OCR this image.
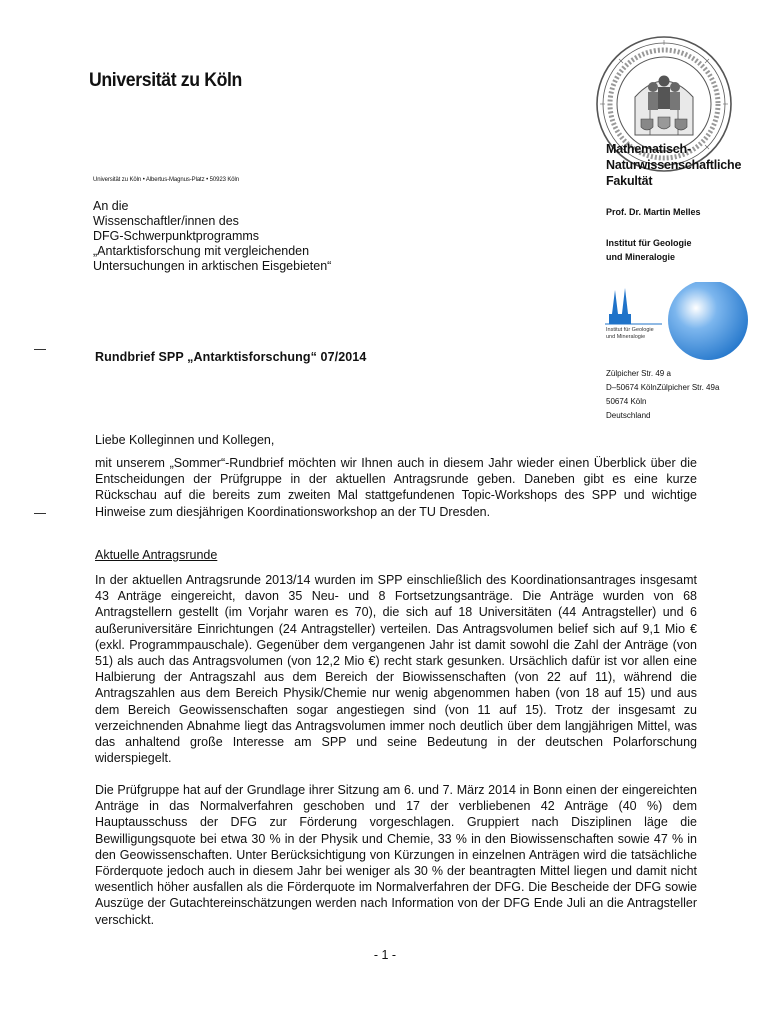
Universität zu Köln
Mathematisch-
Naturwissenschaftliche
Fakultät
Prof. Dr. Martin Melles
Institut für Geologie
und Mineralogie
Institut für Geologie
und Mineralogie
Zülpicher Str. 49 a
D–50674 KölnZülpicher Str. 49a
50674 Köln
Deutschland
Universität zu Köln • Albertus-Magnus-Platz • 50923 Köln
An die
Wissenschaftler/innen des
DFG-Schwerpunktprogramms
„Antarktisforschung mit vergleichenden
Untersuchungen in arktischen Eisgebieten“
Rundbrief SPP „Antarktisforschung“ 07/2014
Liebe Kolleginnen und Kollegen,
mit unserem „Sommer“-Rundbrief möchten wir Ihnen auch in diesem Jahr wieder einen Überblick über die Entscheidungen der Prüfgruppe in der aktuellen Antragsrunde geben. Daneben gibt es eine kurze Rückschau auf die bereits zum zweiten Mal stattgefundenen Topic-Workshops des SPP und wichtige Hinweise zum diesjährigen Koordinationsworkshop an der TU Dresden.
Aktuelle Antragsrunde
In der aktuellen Antragsrunde 2013/14 wurden im SPP einschließlich des Koordinationsantrages insgesamt 43 Anträge eingereicht, davon 35 Neu- und 8 Fortsetzungsanträge. Die Anträge wurden von 68 Antragstellern gestellt (im Vorjahr waren es 70), die sich auf 18 Universitäten (44 Antragsteller) und 6 außeruniversitäre Einrichtungen (24 Antragsteller) verteilen. Das Antragsvolumen belief sich auf 9,1 Mio € (exkl. Programmpauschale). Gegenüber dem vergangenen Jahr ist damit sowohl die Zahl der Anträge (von 51) als auch das Antragsvolumen (von 12,2 Mio €) recht stark gesunken. Ursächlich dafür ist vor allen eine Halbierung der Antragszahl aus dem Bereich der Biowissenschaften (von 22 auf 11), während die Antragszahlen aus dem Bereich Physik/Chemie nur wenig abgenommen haben (von 18 auf 15) und aus dem Bereich Geowissenschaften sogar angestiegen sind (von 11 auf 15). Trotz der insgesamt zu verzeichnenden Abnahme liegt das Antragsvolumen immer noch deutlich über dem langjährigen Mittel, was das anhaltend große Interesse am SPP und seine Bedeutung in der deutschen Polarforschung widerspiegelt.
Die Prüfgruppe hat auf der Grundlage ihrer Sitzung am 6. und 7. März 2014 in Bonn einen der eingereichten Anträge in das Normalverfahren geschoben und 17 der verbliebenen 42 Anträge (40 %) dem Hauptausschuss der DFG zur Förderung vorgeschlagen. Gruppiert nach Disziplinen läge die Bewilligungsquote bei etwa 30 % in der Physik und Chemie, 33 % in den Biowissenschaften sowie 47 % in den Geowissenschaften. Unter Berücksichtigung von Kürzungen in einzelnen Anträgen wird die tatsächliche Förderquote jedoch auch in diesem Jahr bei weniger als 30 % der beantragten Mittel liegen und damit nicht wesentlich höher ausfallen als die Förderquote im Normalverfahren der DFG. Die Bescheide der DFG sowie Auszüge der Gutachtereinschätzungen werden nach Information von der DFG Ende Juli an die Antragsteller verschickt.
- 1 -
